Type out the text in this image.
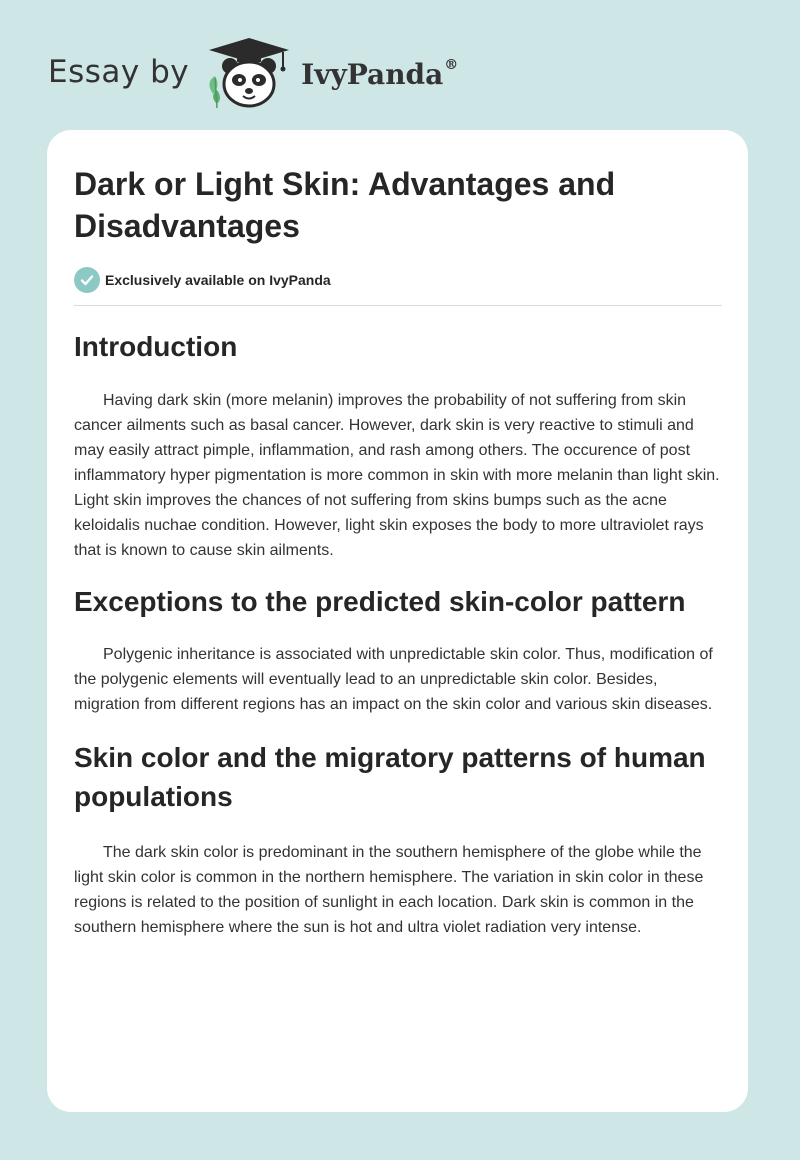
Essay by	IvyPanda®
Dark or Light Skin: Advantages and Disadvantages
Exclusively available on IvyPanda
Introduction

Having dark skin (more melanin) improves the probability of not suffering from skin cancer ailments such as basal cancer. However, dark skin is very reactive to stimuli and may easily attract pimple, inflammation, and rash among others. The occurence of post inflammatory hyper pigmentation is more common in skin with more melanin than light skin. Light skin improves the chances of not suffering from skins bumps such as the acne keloidalis nuchae condition. However, light skin exposes the body to more ultraviolet rays that is known to cause skin ailments.

Exceptions to the predicted skin-color pattern

Polygenic inheritance is associated with unpredictable skin color. Thus, modification of the polygenic elements will eventually lead to an unpredictable skin color. Besides, migration from different regions has an impact on the skin color and various skin diseases.

Skin color and the migratory patterns of human populations

The dark skin color is predominant in the southern hemisphere of the globe while the light skin color is common in the northern hemisphere. The variation in skin color in these regions is related to the position of sunlight in each location. Dark skin is common in the southern hemisphere where the sun is hot and ultra violet radiation very intense.
